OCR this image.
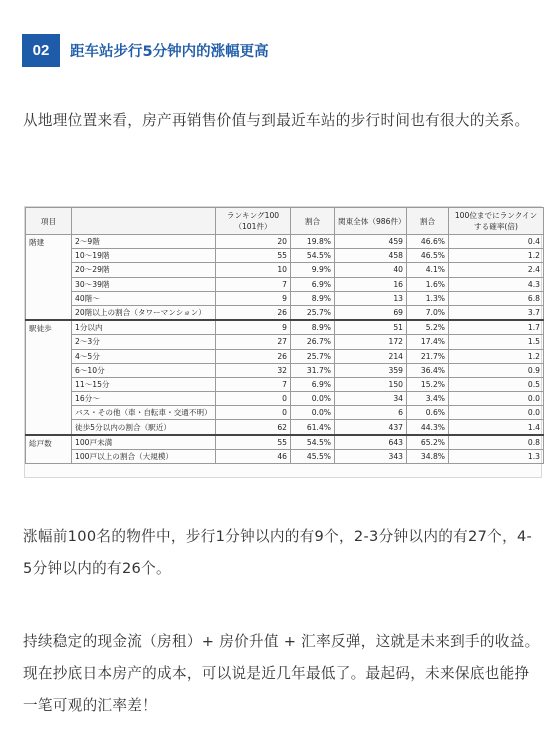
02	距车站步行5分钟内的涨幅更高

从地理位置来看，房产再销售价值与到最近车站的步行时间也有很大的关系。

項目		ランキング100（101件）	割合	関東全体（986件）	割合	100位までにランクインする確率(倍)
階建	2〜9階	20	19.8%	459	46.6%	0.4
	10〜19階	55	54.5%	458	46.5%	1.2
	20〜29階	10	9.9%	40	4.1%	2.4
	30〜39階	7	6.9%	16	1.6%	4.3
	40階〜	9	8.9%	13	1.3%	6.8
	20階以上の割合（タワーマンション）	26	25.7%	69	7.0%	3.7
駅徒歩	1分以内	9	8.9%	51	5.2%	1.7
	2〜3分	27	26.7%	172	17.4%	1.5
	4〜5分	26	25.7%	214	21.7%	1.2
	6〜10分	32	31.7%	359	36.4%	0.9
	11〜15分	7	6.9%	150	15.2%	0.5
	16分〜	0	0.0%	34	3.4%	0.0
	バス・その他（車・自転車・交通不明）	0	0.0%	6	0.6%	0.0
	徒歩5分以内の割合（駅近）	62	61.4%	437	44.3%	1.4
総戸数	100戸未満	55	54.5%	643	65.2%	0.8
	100戸以上の割合（大規模）	46	45.5%	343	34.8%	1.3

涨幅前100名的物件中，步行1分钟以内的有9个，2-3分钟以内的有27个，4-5分钟以内的有26个。

持续稳定的现金流（房租）+ 房价升值 + 汇率反弹，这就是未来到手的收益。现在抄底日本房产的成本，可以说是近几年最低了。最起码，未来保底也能挣一笔可观的汇率差！
